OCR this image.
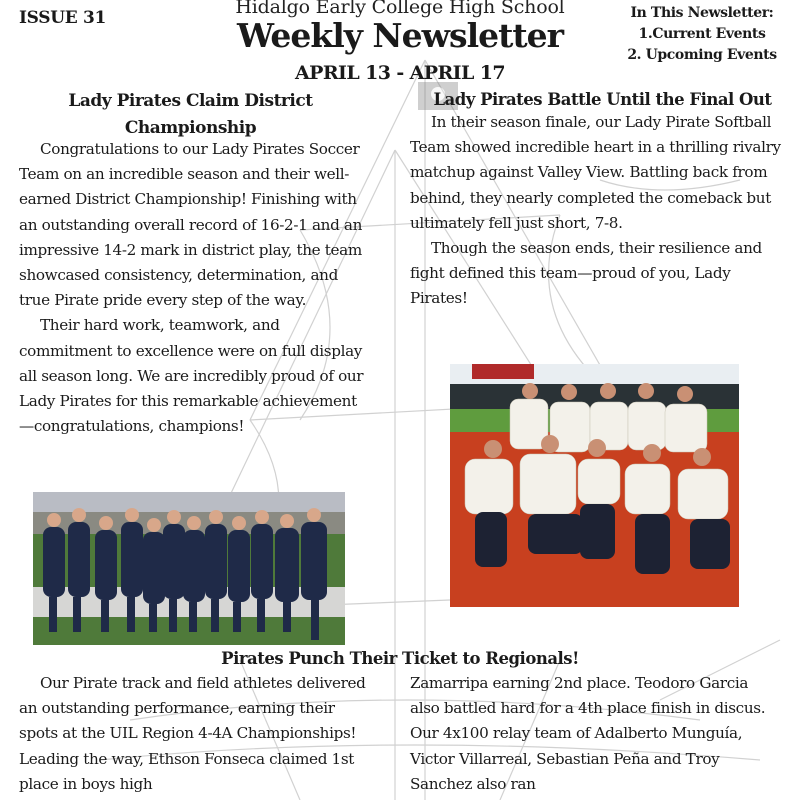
ISSUE 31	Hidalgo Early College High School
Weekly Newsletter
APRIL 13 - APRIL 17
In This Newsletter:
1.Current Events
2. Upcoming Events
Lady Pirates Claim District Championship

Congratulations to our Lady Pirates Soccer Team on an incredible season and their well-earned District Championship! Finishing with an outstanding overall record of 16-2-1 and an impressive 14-2 mark in district play, the team showcased consistency, determination, and true Pirate pride every step of the way.

Their hard work, teamwork, and commitment to excellence were on full display all season long. We are incredibly proud of our Lady Pirates for this remarkable achievement—congratulations, champions!

Lady Pirates Battle Until the Final Out

In their season finale, our Lady Pirate Softball Team showed incredible heart in a thrilling rivalry matchup against Valley View. Battling back from behind, they nearly completed the comeback but ultimately fell just short, 7-8.

Though the season ends, their resilience and fight defined this team—proud of you, Lady Pirates!

Pirates Punch Their Ticket to Regionals!

Our Pirate track and field athletes delivered an outstanding performance, earning their spots at the UIL Region 4-4A Championships! Leading the way, Ethson Fonseca claimed 1st place in boys high

Zamarripa earning 2nd place. Teodoro Garcia also battled hard for a 4th place finish in discus. Our 4x100 relay team of Adalberto Munguía, Victor Villarreal, Sebastian Peña and Troy Sanchez also ran
